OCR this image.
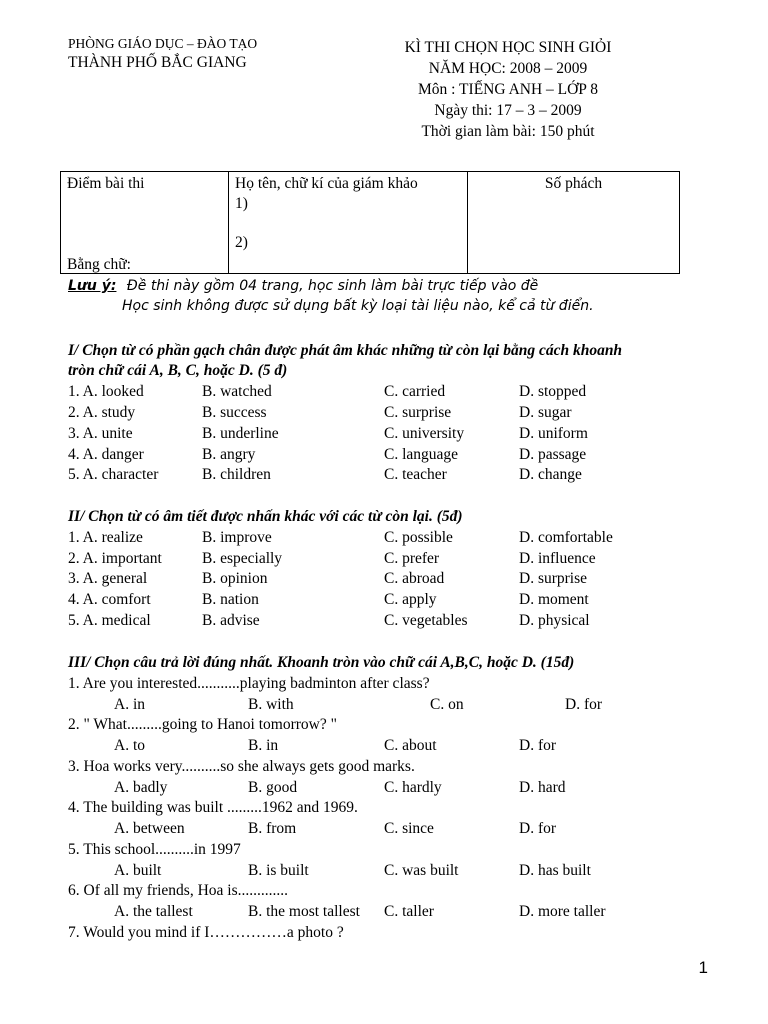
PHÒNG GIÁO DỤC – ĐÀO TẠO
THÀNH PHỐ BẮC GIANG
KÌ THI CHỌN HỌC SINH GIỎI
NĂM HỌC: 2008 – 2009
Môn : TIẾNG ANH – LỚP 8
Ngày thi: 17 – 3 – 2009
Thời gian làm bài: 150 phút
Điểm bài thi
Bằng chữ:

Họ tên, chữ kí của giám khảo
1)
2)

Số phách
Lưu ý: Đề thi này gồm 04 trang, học sinh làm bài trực tiếp vào đề
Học sinh không được sử dụng bất kỳ loại tài liệu nào, kể cả từ điển.
I/ Chọn từ có phần gạch chân được phát âm khác những từ còn lại bằng cách khoanh
tròn chữ cái A, B, C, hoặc D. (5 đ)
1. A. looked	B. watched	C. carried	D. stopped
2. A. study	B. success	C. surprise	D. sugar
3. A. unite	B. underline	C. university	D. uniform
4. A. danger	B. angry	C. language	D. passage
5. A. character	B. children	C. teacher	D. change
II/ Chọn từ có âm tiết được nhấn khác với các từ còn lại. (5đ)
1. A. realize	B. improve	C. possible	D. comfortable
2. A. important	B. especially	C. prefer	D. influence
3. A. general	B. opinion	C. abroad	D. surprise
4. A. comfort	B. nation	C. apply	D. moment
5. A. medical	B. advise	C. vegetables	D. physical
III/ Chọn câu trả lời đúng nhất. Khoanh tròn vào chữ cái A,B,C, hoặc D. (15đ)
1. Are you interested...........playing badminton after class?
A. in	B. with	C. on	D. for
2. " What.........going to Hanoi tomorrow? "
A. to	B. in	C. about	D. for
3. Hoa works very..........so she always gets good marks.
A. badly	B. good	C. hardly	D. hard
4. The building was built .........1962 and 1969.
A. between	B. from	C. since	D. for
5. This school..........in 1997
A. built	B. is built	C. was built	D. has built
6. Of all my friends, Hoa is.............
A. the tallest	B. the most tallest C. taller	D. more taller
7. Would you mind if I……………a photo ?
1
